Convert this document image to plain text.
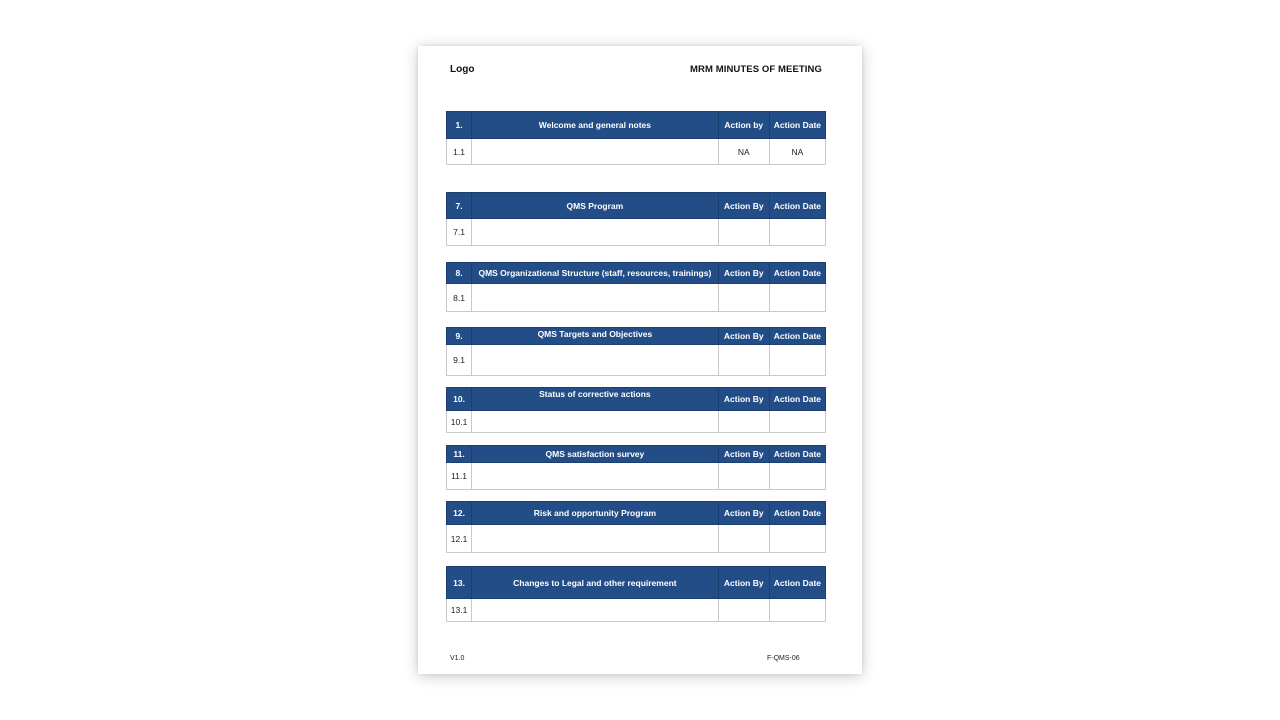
Logo	MRM MINUTES OF MEETING
1.	Welcome and general notes	Action by	Action Date
1.1		NA	NA
7.	QMS Program	Action By	Action Date
7.1			
8.	QMS Organizational Structure (staff, resources, trainings)	Action By	Action Date
8.1			
9.	QMS Targets and Objectives	Action By	Action Date
9.1			
10.	Status of corrective actions	Action By	Action Date
10.1			
11.	QMS satisfaction survey	Action By	Action Date
11.1			
12.	Risk and opportunity Program	Action By	Action Date
12.1			
13.	Changes to Legal and other requirement	Action By	Action Date
13.1			
V1.0	F-QMS-06
